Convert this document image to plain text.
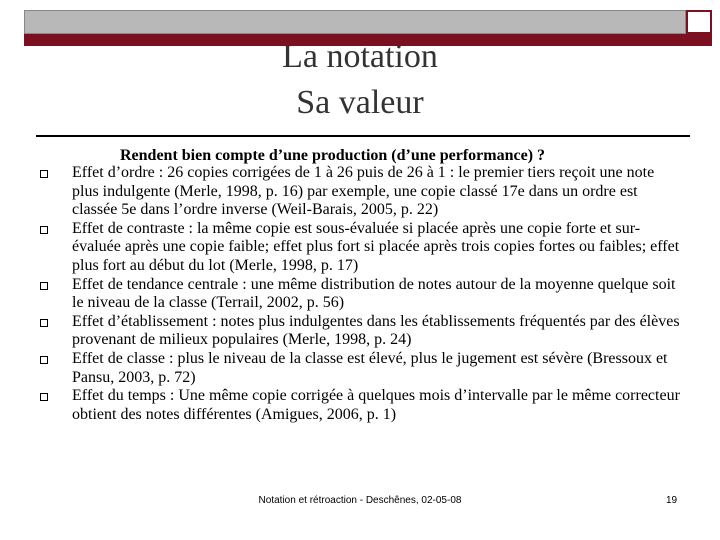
La notation
Sa valeur
Rendent bien compte d’une production (d’une performance) ?
Effet d’ordre : 26 copies corrigées de 1 à 26 puis de 26 à 1 : le premier tiers reçoit une note plus indulgente (Merle, 1998, p. 16) par exemple, une copie classé 17e dans un ordre est classée 5e dans l’ordre inverse (Weil-Barais, 2005, p. 22)
Effet de contraste : la même copie est sous-évaluée si placée après une copie forte et sur-évaluée après une copie faible; effet plus fort si placée après trois copies fortes ou faibles; effet plus fort au début du lot (Merle, 1998, p. 17)
Effet de tendance centrale : une même distribution de notes autour de la moyenne quelque soit le niveau de la classe (Terrail, 2002, p. 56)
Effet d’établissement : notes plus indulgentes dans les établissements fréquentés par des élèves provenant de milieux populaires (Merle, 1998, p. 24)
Effet de classe : plus le niveau de la classe est élevé, plus le jugement est sévère (Bressoux et Pansu, 2003, p. 72)
Effet du temps : Une même copie corrigée à quelques mois d’intervalle par le même correcteur obtient des notes différentes (Amigues, 2006, p. 1)
Notation et rétroaction - Deschênes, 02-05-08	19
